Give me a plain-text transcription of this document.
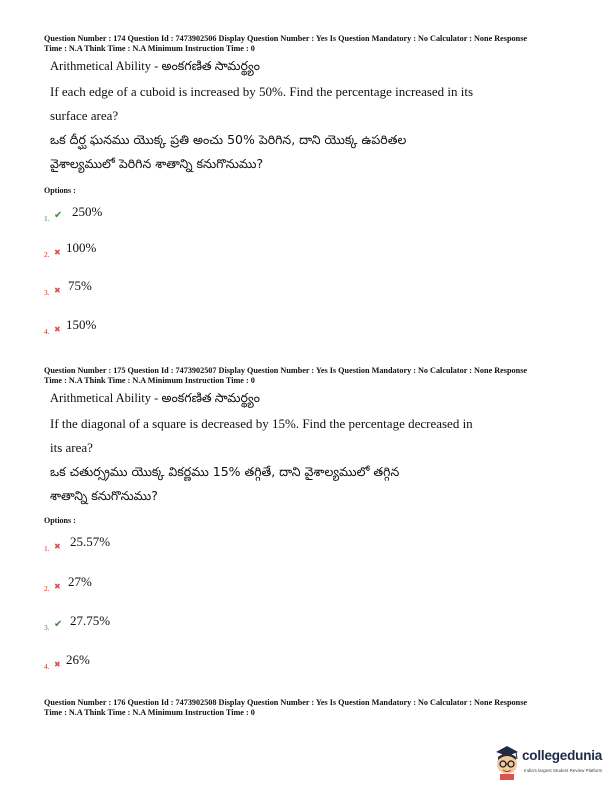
Question Number : 174 Question Id : 7473902506 Display Question Number : Yes Is Question Mandatory : No Calculator : None Response
Time : N.A Think Time : N.A Minimum Instruction Time : 0
Arithmetical Ability - అంకగణిత సామర్థ్యం
If each edge of a cuboid is increased by 50%. Find the percentage increased in its
surface area?
ఒక దీర్ఘ ఘనము యొక్క ప్రతి అంచు 50% పెరిగిన, దాని యొక్క ఉపరితల
వైశాల్యములో పెరిగిన శాతాన్ని కనుగొనుము?
Options :
1. ✔ 250%
2. ✖ 100%
3. ✖ 75%
4. ✖ 150%
Question Number : 175 Question Id : 7473902507 Display Question Number : Yes Is Question Mandatory : No Calculator : None Response
Time : N.A Think Time : N.A Minimum Instruction Time : 0
Arithmetical Ability - అంకగణిత సామర్థ్యం
If the diagonal of a square is decreased by 15%. Find the percentage decreased in
its area?
ఒక చతుర్స్రము యొక్క వికర్ణము 15% తగ్గితే, దాని వైశాల్యములో తగ్గిన
శాతాన్ని కనుగొనుము?
Options :
1. ✖ 25.57%
2. ✖ 27%
3. ✔ 27.75%
4. ✖ 26%
Question Number : 176 Question Id : 7473902508 Display Question Number : Yes Is Question Mandatory : No Calculator : None Response
Time : N.A Think Time : N.A Minimum Instruction Time : 0
collegedunia
India's largest Student Review Platform
